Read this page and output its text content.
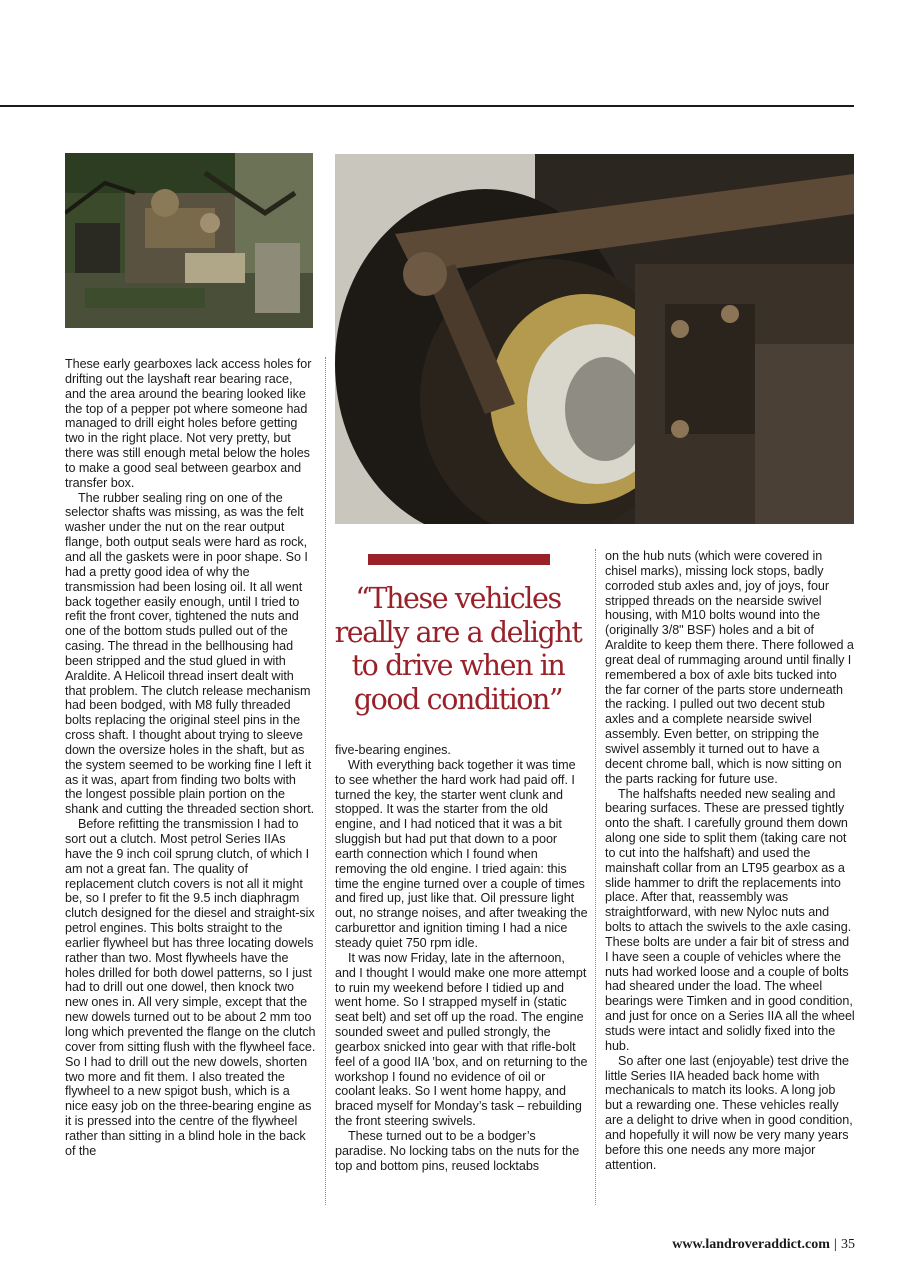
These early gearboxes lack access holes for drifting out the layshaft rear bearing race, and the area around the bearing looked like the top of a pepper pot where someone had managed to drill eight holes before getting two in the right place. Not very pretty, but there was still enough metal below the holes to make a good seal between gearbox and transfer box.

The rubber sealing ring on one of the selector shafts was missing, as was the felt washer under the nut on the rear output flange, both output seals were hard as rock, and all the gaskets were in poor shape. So I had a pretty good idea of why the transmission had been losing oil. It all went back together easily enough, until I tried to refit the front cover, tightened the nuts and one of the bottom studs pulled out of the casing. The thread in the bellhousing had been stripped and the stud glued in with Araldite. A Helicoil thread insert dealt with that problem. The clutch release mechanism had been bodged, with M8 fully threaded bolts replacing the original steel pins in the cross shaft. I thought about trying to sleeve down the oversize holes in the shaft, but as the system seemed to be working fine I left it as it was, apart from finding two bolts with the longest possible plain portion on the shank and cutting the threaded section short.

Before refitting the transmission I had to sort out a clutch. Most petrol Series IIAs have the 9 inch coil sprung clutch, of which I am not a great fan. The quality of replacement clutch covers is not all it might be, so I prefer to fit the 9.5 inch diaphragm clutch designed for the diesel and straight-six petrol engines. This bolts straight to the earlier flywheel but has three locating dowels rather than two. Most flywheels have the holes drilled for both dowel patterns, so I just had to drill out one dowel, then knock two new ones in. All very simple, except that the new dowels turned out to be about 2 mm too long which prevented the flange on the clutch cover from sitting flush with the flywheel face. So I had to drill out the new dowels, shorten two more and fit them. I also treated the flywheel to a new spigot bush, which is a nice easy job on the three-bearing engine as it is pressed into the centre of the flywheel rather than sitting in a blind hole in the back of the

“These vehicles really are a delight to drive when in good condition”

five-bearing engines.

With everything back together it was time to see whether the hard work had paid off. I turned the key, the starter went clunk and stopped. It was the starter from the old engine, and I had noticed that it was a bit sluggish but had put that down to a poor earth connection which I found when removing the old engine. I tried again: this time the engine turned over a couple of times and fired up, just like that. Oil pressure light out, no strange noises, and after tweaking the carburettor and ignition timing I had a nice steady quiet 750 rpm idle.

It was now Friday, late in the afternoon, and I thought I would make one more attempt to ruin my weekend before I tidied up and went home. So I strapped myself in (static seat belt) and set off up the road. The engine sounded sweet and pulled strongly, the gearbox snicked into gear with that rifle-bolt feel of a good IIA ’box, and on returning to the workshop I found no evidence of oil or coolant leaks. So I went home happy, and braced myself for Monday’s task – rebuilding the front steering swivels.

These turned out to be a bodger’s paradise. No locking tabs on the nuts for the top and bottom pins, reused locktabs

on the hub nuts (which were covered in chisel marks), missing lock stops, badly corroded stub axles and, joy of joys, four stripped threads on the nearside swivel housing, with M10 bolts wound into the (originally 3/8" BSF) holes and a bit of Araldite to keep them there. There followed a great deal of rummaging around until finally I remembered a box of axle bits tucked into the far corner of the parts store underneath the racking. I pulled out two decent stub axles and a complete nearside swivel assembly. Even better, on stripping the swivel assembly it turned out to have a decent chrome ball, which is now sitting on the parts racking for future use.

The halfshafts needed new sealing and bearing surfaces. These are pressed tightly onto the shaft. I carefully ground them down along one side to split them (taking care not to cut into the halfshaft) and used the mainshaft collar from an LT95 gearbox as a slide hammer to drift the replacements into place. After that, reassembly was straightforward, with new Nyloc nuts and bolts to attach the swivels to the axle casing. These bolts are under a fair bit of stress and I have seen a couple of vehicles where the nuts had worked loose and a couple of bolts had sheared under the load. The wheel bearings were Timken and in good condition, and just for once on a Series IIA all the wheel studs were intact and solidly fixed into the hub.

So after one last (enjoyable) test drive the little Series IIA headed back home with mechanicals to match its looks. A long job but a rewarding one. These vehicles really are a delight to drive when in good condition, and hopefully it will now be very many years before this one needs any more major attention.

www.landroveraddict.com | 35
